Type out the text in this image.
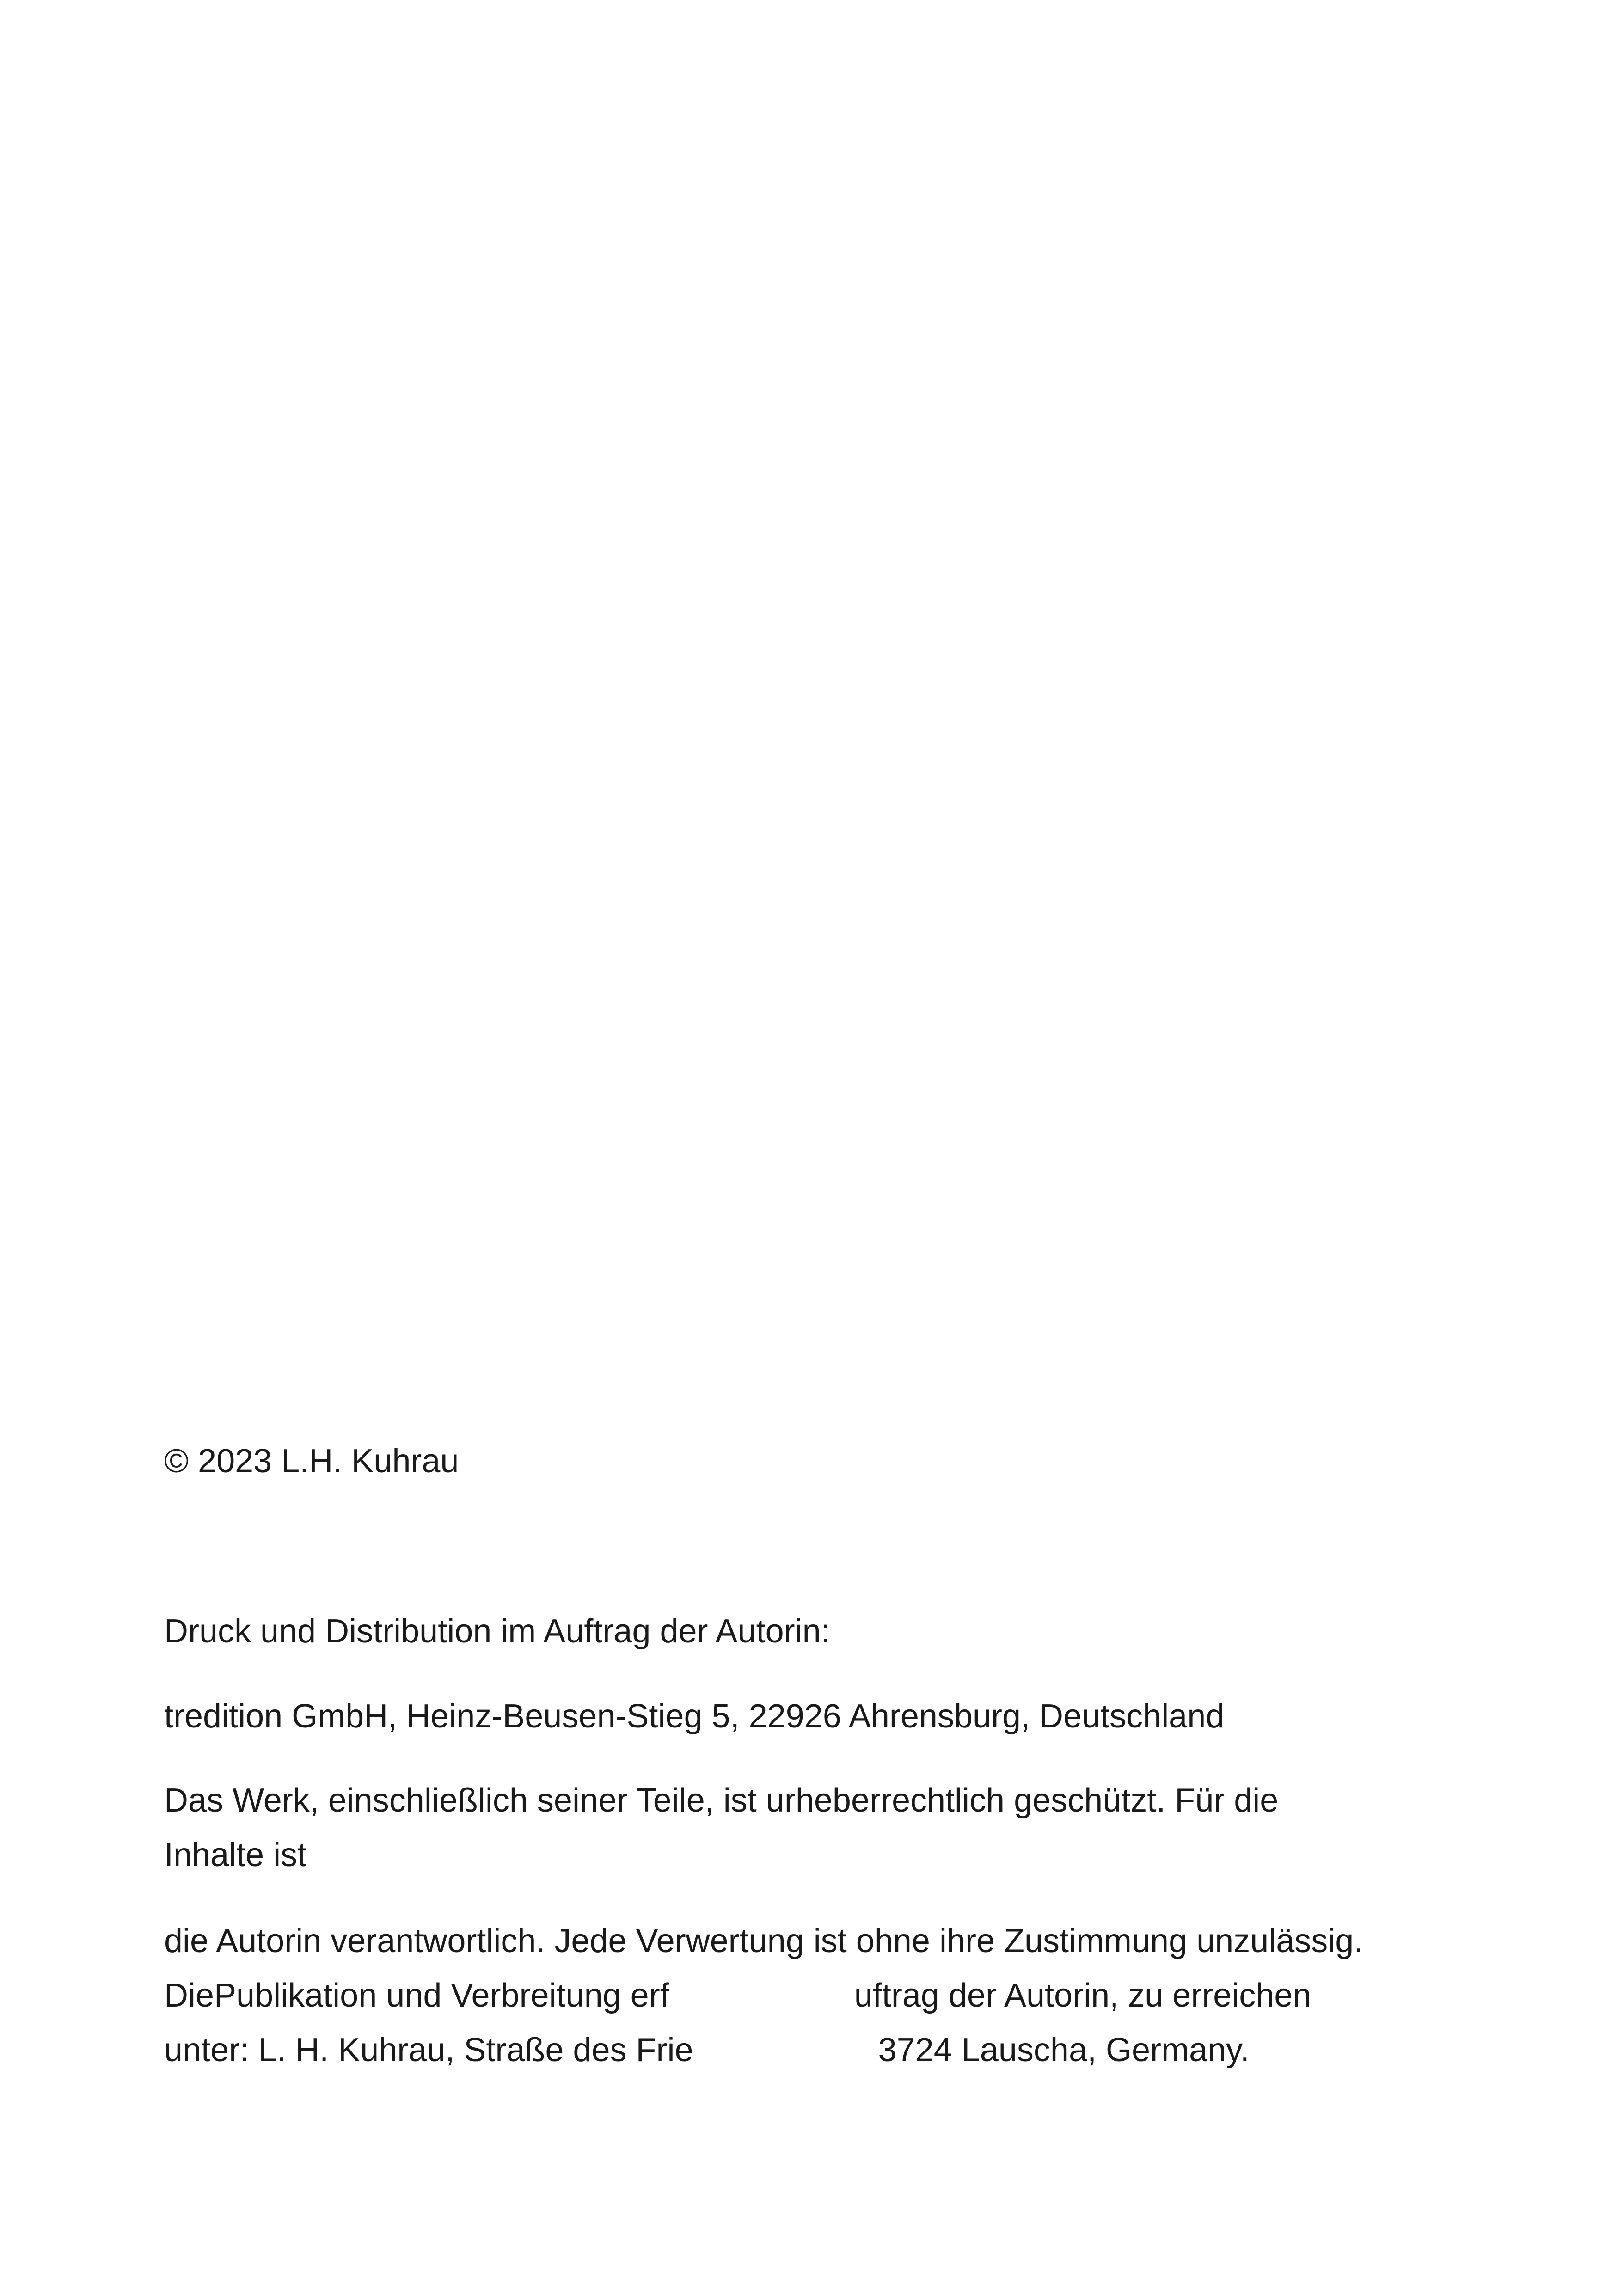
© 2023 L.H. Kuhrau
Druck und Distribution im Auftrag der Autorin:
tredition GmbH, Heinz-Beusen-Stieg 5, 22926 Ahrensburg, Deutschland
Das Werk, einschließlich seiner Teile, ist urheberrechtlich geschützt. Für die
Inhalte ist
die Autorin verantwortlich. Jede Verwertung ist ohne ihre Zustimmung unzulässig.
DiePublikation und Verbreitung erf                    uftrag der Autorin, zu erreichen
unter: L. H. Kuhrau, Straße des Frie                    3724 Lauscha, Germany.
